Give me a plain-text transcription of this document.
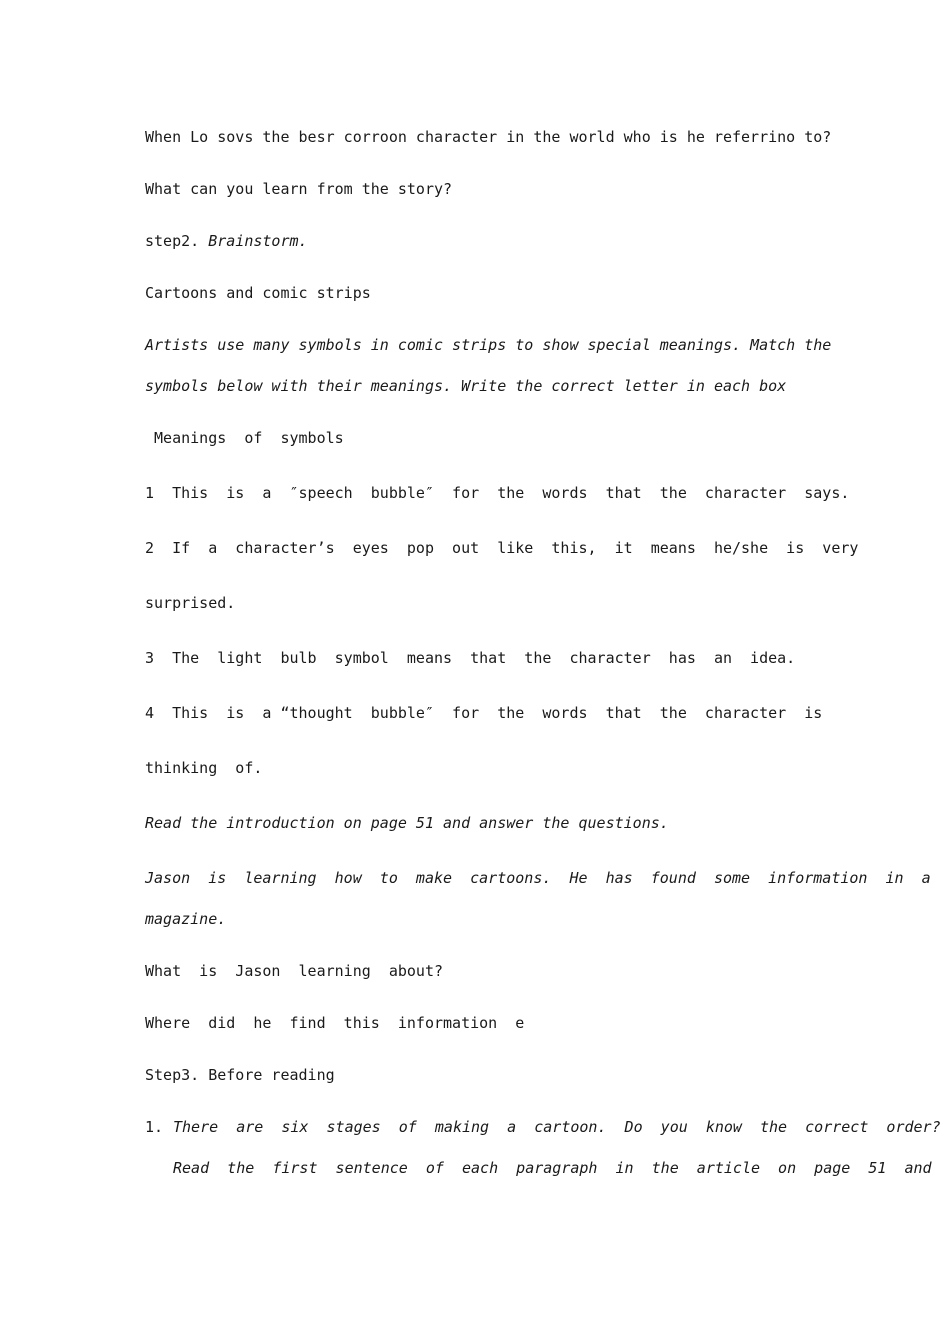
When Lo sovs the besr corroon character in the world who is he referrino to?
What can you learn from the story?
step2. Brainstorm.
Cartoons and comic strips
Artists use many symbols in comic strips to show special meanings. Match the
symbols below with their meanings. Write the correct letter in each box
Meanings  of  symbols
1  This  is  a  ″speech  bubble″  for  the  words  that  the  character  says.
2  If  a  character’s  eyes  pop  out  like  this,  it  means  he/she  is  very
surprised.
3  The  light  bulb  symbol  means  that  the  character  has  an  idea.
4  This  is  a “thought  bubble″  for  the  words  that  the  character  is
thinking  of.
Read the introduction on page 51 and answer the questions.
Jason  is  learning  how  to  make  cartoons.  He  has  found  some  information  in  a
magazine.
What  is  Jason  learning  about?
Where  did  he  find  this  information  e
Step3. Before reading
1. There  are  six  stages  of  making  a  cartoon.  Do  you  know  the  correct  order?
Read  the  first  sentence  of  each  paragraph  in  the  article  on  page  51  and
